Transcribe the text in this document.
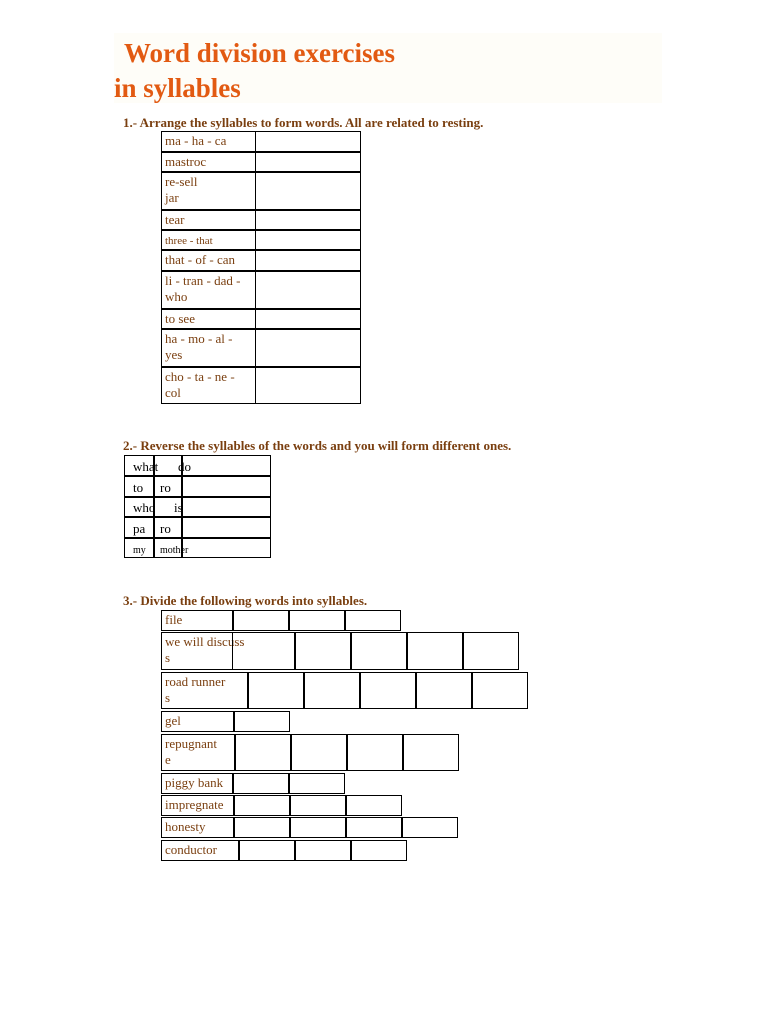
Word division exercises
in syllables

1.- Arrange the syllables to form words. All are related to resting.

ma - ha - ca
mastroc
re-sell
jar
tear
three - that
that - of - can
li - tran - dad -
who
to see
ha - mo - al -
yes
cho - ta - ne -
col

2.- Reverse the syllables of the words and you will form different ones.

what do
to ro
who is
pa ro
my mother

3.- Divide the following words into syllables.

file
we will discuss
s
road runner
s
gel
repugnant
e
piggy bank
impregnate
honesty
conductor
